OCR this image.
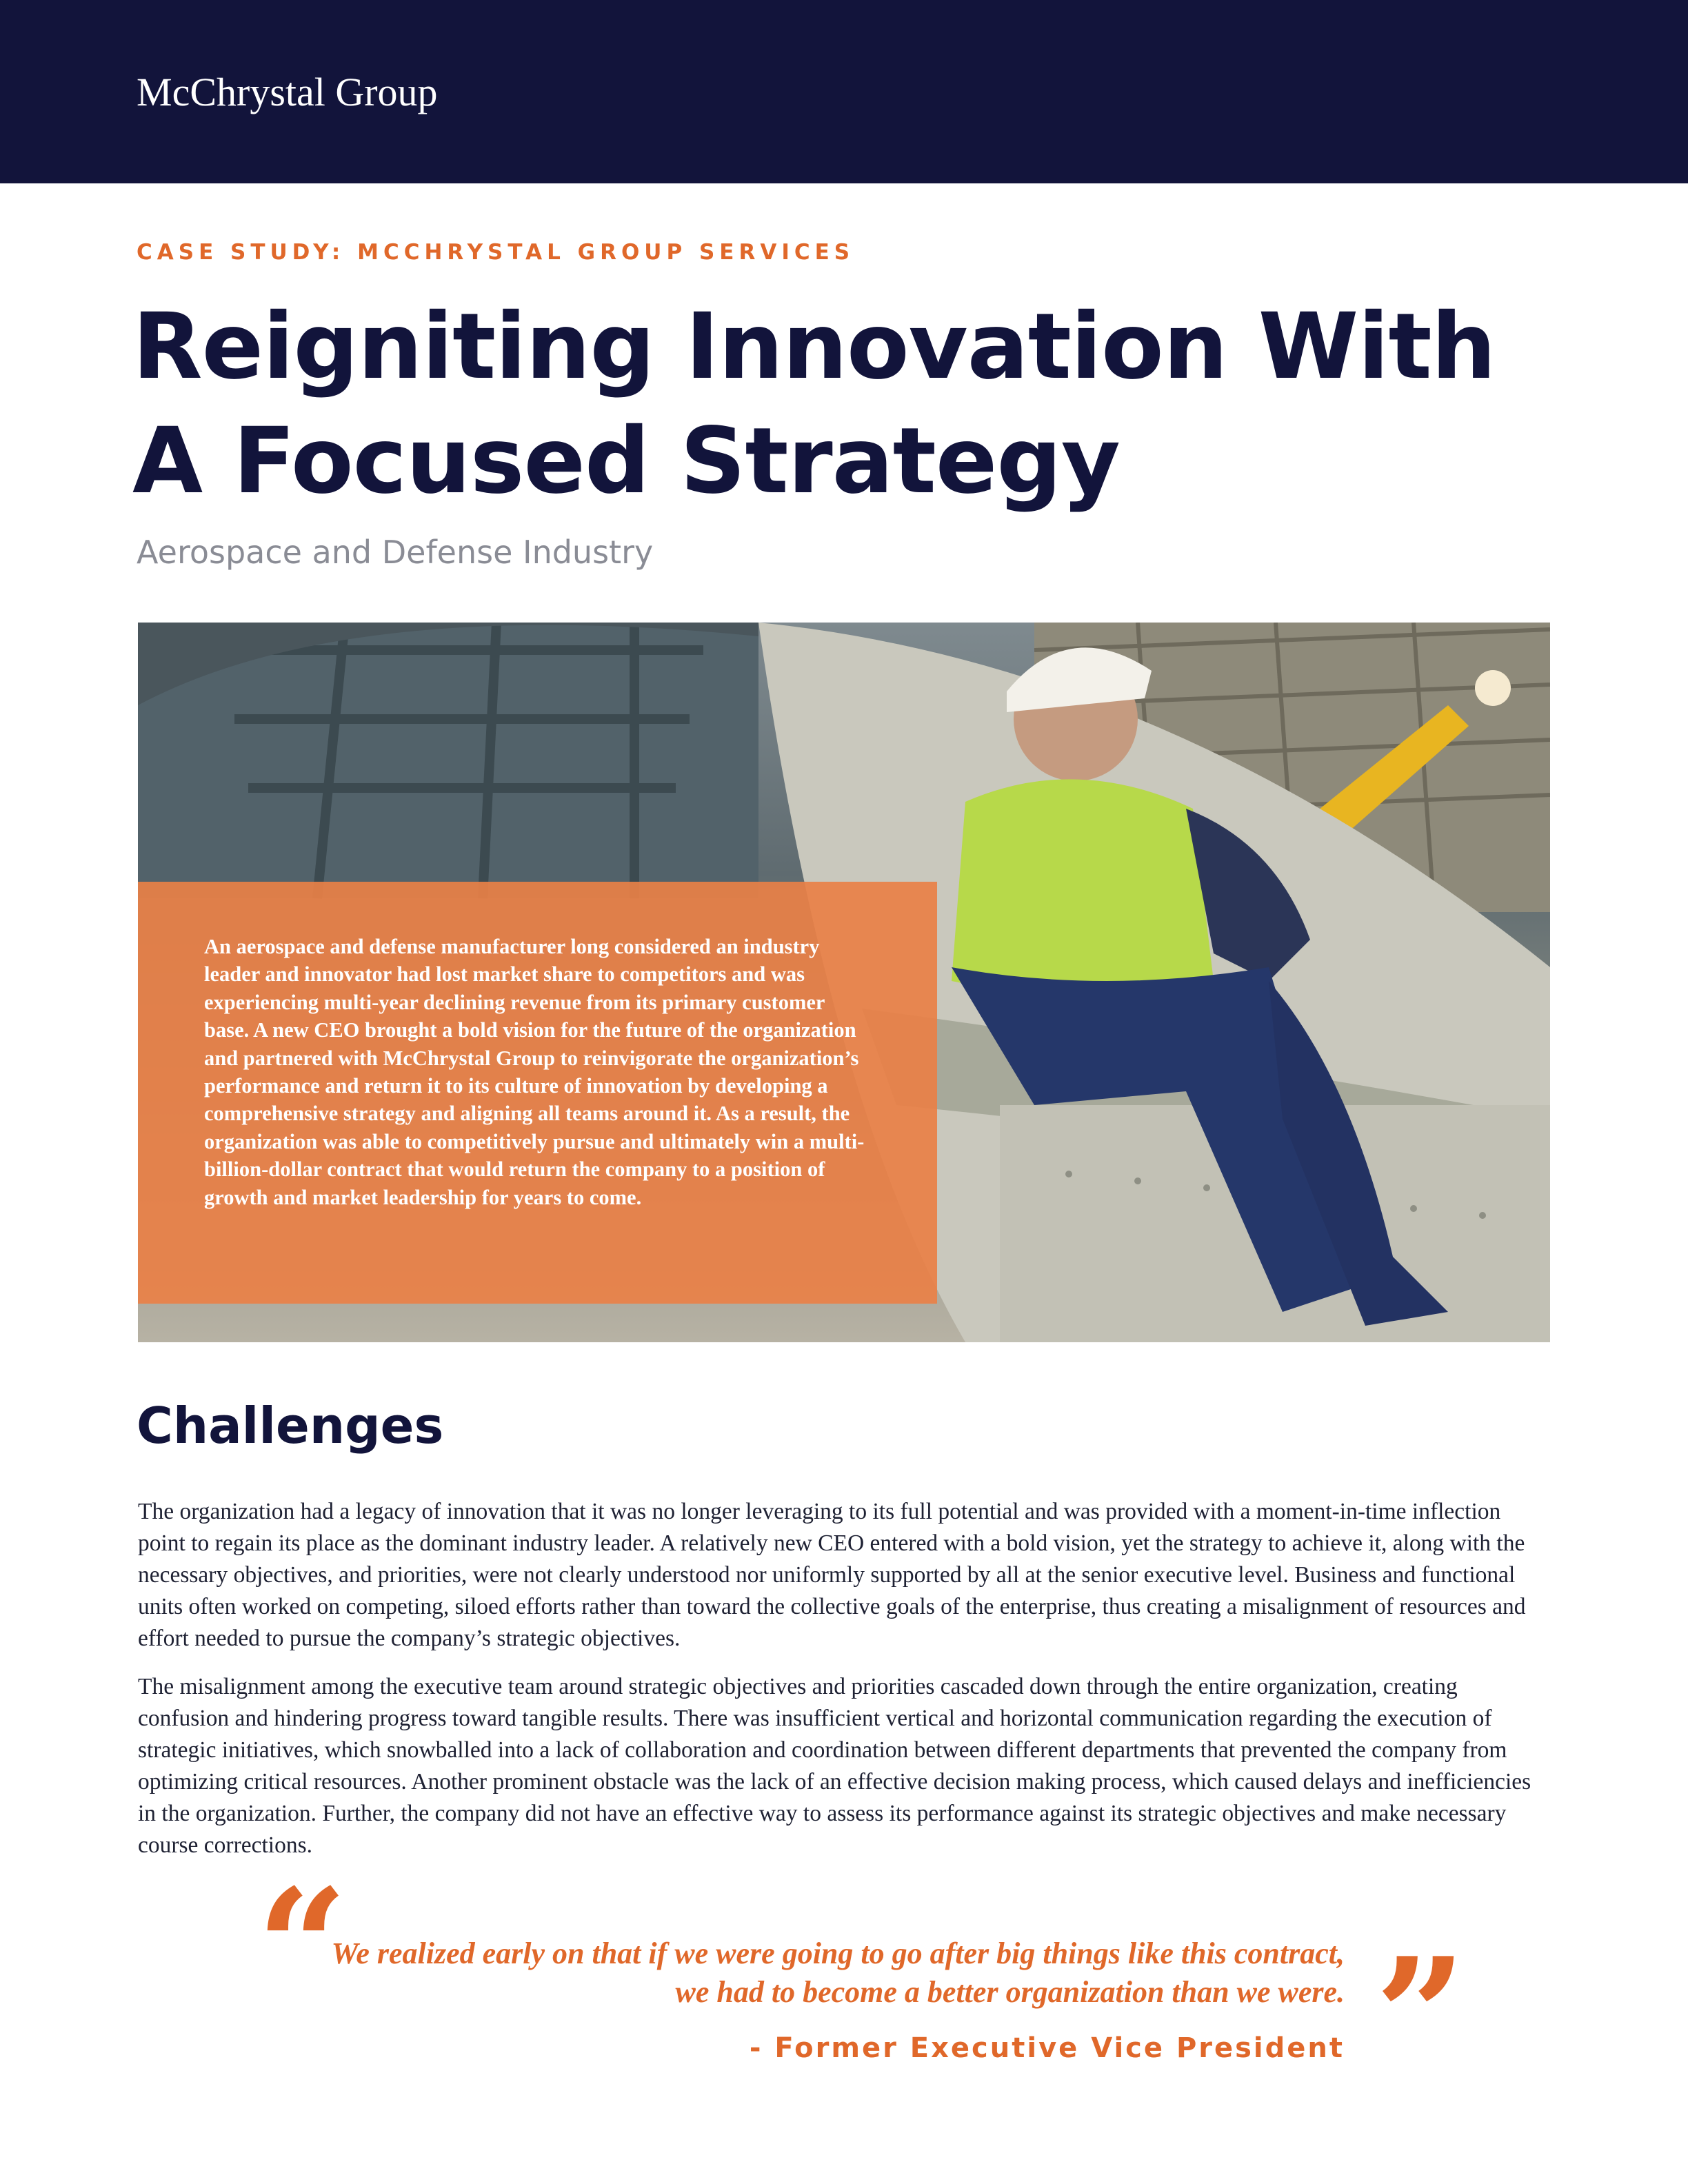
McChrystal Group
CASE STUDY: MCCHRYSTAL GROUP SERVICES
Reigniting Innovation With A Focused Strategy
Aerospace and Defense Industry

An aerospace and defense manufacturer long considered an industry leader and innovator had lost market share to competitors and was experiencing multi-year declining revenue from its primary customer base. A new CEO brought a bold vision for the future of the organization and partnered with McChrystal Group to reinvigorate the organization’s performance and return it to its culture of innovation by developing a comprehensive strategy and aligning all teams around it. As a result, the organization was able to competitively pursue and ultimately win a multi-billion-dollar contract that would return the company to a position of growth and market leadership for years to come.

Challenges

The organization had a legacy of innovation that it was no longer leveraging to its full potential and was provided with a moment-in-time inflection point to regain its place as the dominant industry leader. A relatively new CEO entered with a bold vision, yet the strategy to achieve it, along with the necessary objectives, and priorities, were not clearly understood nor uniformly supported by all at the senior executive level. Business and functional units often worked on competing, siloed efforts rather than toward the collective goals of the enterprise, thus creating a misalignment of resources and effort needed to pursue the company’s strategic objectives.

The misalignment among the executive team around strategic objectives and priorities cascaded down through the entire organization, creating confusion and hindering progress toward tangible results. There was insufficient vertical and horizontal communication regarding the execution of strategic initiatives, which snowballed into a lack of collaboration and coordination between different departments that prevented the company from optimizing critical resources. Another prominent obstacle was the lack of an effective decision making process, which caused delays and inefficiencies in the organization. Further, the company did not have an effective way to assess its performance against its strategic objectives and make necessary course corrections.

“
We realized early on that if we were going to go after big things like this contract, we had to become a better organization than we were.
- Former Executive Vice President ”
